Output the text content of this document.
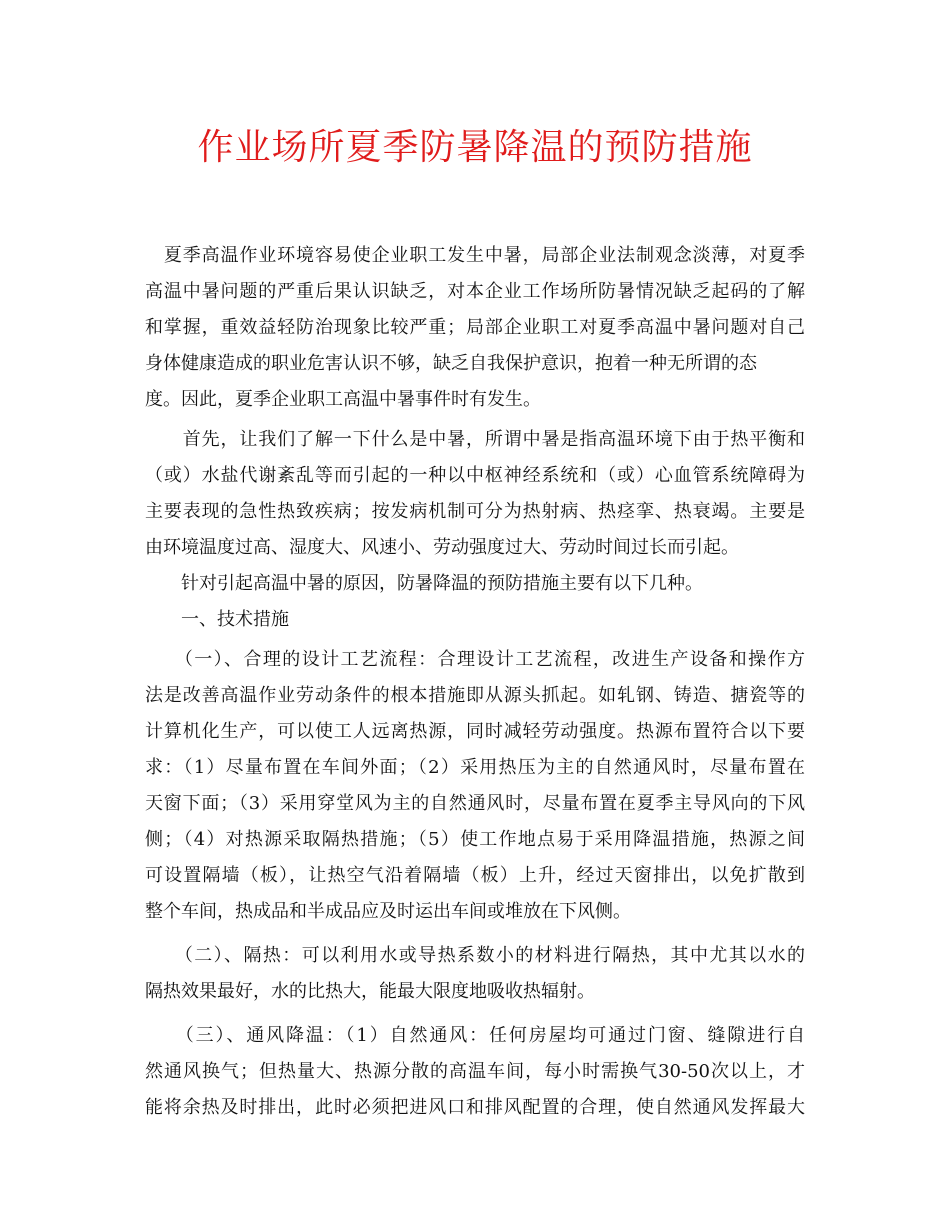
作业场所夏季防暑降温的预防措施
　夏季高温作业环境容易使企业职工发生中暑，局部企业法制观念淡薄，对夏季
高温中暑问题的严重后果认识缺乏，对本企业工作场所防暑情况缺乏起码的了解
和掌握，重效益轻防治现象比较严重；局部企业职工对夏季高温中暑问题对自己
身体健康造成的职业危害认识不够，缺乏自我保护意识，抱着一种无所谓的态
度。因此，夏季企业职工高温中暑事件时有发生。
　　首先，让我们了解一下什么是中暑，所谓中暑是指高温环境下由于热平衡和
（或）水盐代谢紊乱等而引起的一种以中枢神经系统和（或）心血管系统障碍为
主要表现的急性热致疾病；按发病机制可分为热射病、热痉挛、热衰竭。主要是
由环境温度过高、湿度大、风速小、劳动强度过大、劳动时间过长而引起。
　　针对引起高温中暑的原因，防暑降温的预防措施主要有以下几种。
　　一、技术措施
　　（一）、合理的设计工艺流程：合理设计工艺流程，改进生产设备和操作方
法是改善高温作业劳动条件的根本措施即从源头抓起。如轧钢、铸造、搪瓷等的
计算机化生产，可以使工人远离热源，同时减轻劳动强度。热源布置符合以下要
求：（1）尽量布置在车间外面；（2）采用热压为主的自然通风时，尽量布置在
天窗下面；（3）采用穿堂风为主的自然通风时，尽量布置在夏季主导风向的下风
侧；（4）对热源采取隔热措施；（5）使工作地点易于采用降温措施，热源之间
可设置隔墙（板），让热空气沿着隔墙（板）上升，经过天窗排出，以免扩散到
整个车间，热成品和半成品应及时运出车间或堆放在下风侧。
　　（二）、隔热：可以利用水或导热系数小的材料进行隔热，其中尤其以水的
隔热效果最好，水的比热大，能最大限度地吸收热辐射。
　　（三）、通风降温：（1）自然通风：任何房屋均可通过门窗、缝隙进行自
然通风换气；但热量大、热源分散的高温车间，每小时需换气30-50次以上，才
能将余热及时排出，此时必须把进风口和排风配置的合理，使自然通风发挥最大
